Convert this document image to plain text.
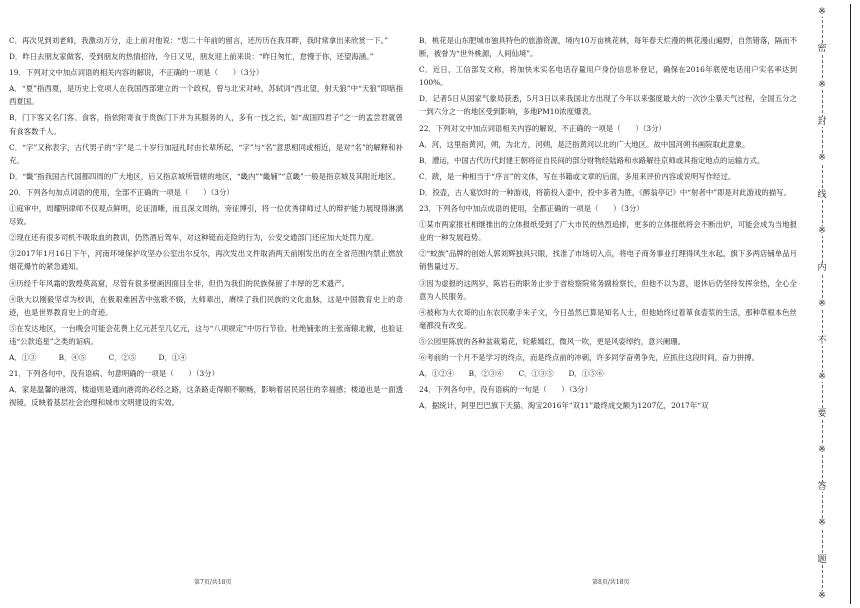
C．再次见到刘老师，我激动万分，走上前对他说：“您二十年前的留言，还历历在我耳畔，我时常拿出来欣赏一下。”

D．昨日去朋友家做客，受到朋友的热情招待，今日又见，朋友迎上前来说：“昨日匆忙，怠慢于你，还望海涵。”

19．下列对文中加点词语的相关内容的解说，不正确的一项是（　　）（3分）

A．“夏”指西夏，是历史上党项人在我国西部建立的一个政权，曾与北宋对峙，苏轼词“西北望，射天狼”中“天狼”即暗指西夏国。

B．门下客又名门客、食客，指依附寄食于贵族门下并为其服务的人，多有一技之长，如“战国四君子”之一的孟尝君就曾有食客数千人。

C．“字”又称表字，古代男子的“字”是二十岁行加冠礼时由长辈所起，“字”与“名”意思相同或相近，是对“名”的解释和补充。

D．“畿”指我国古代国都四周的广大地区，后又指京城所管辖的地区，“畿内”“畿辅”“京畿”一般是指京城及其附近地区。

20．下列各句加点词语的使用，全部不正确的一项是（　　）（3分）

①庭审中，周耀明律师不仅观点鲜明，论证清晰，而且深文周纳，旁征博引，将一位优秀律师过人的辩护能力展现得淋漓尽致。

②现在还有很多司机不吸取血的教训，仍然酒后驾车，对这种铤而走险的行为，公安交通部门还应加大处罚力度。

③2017年1月16日下午，河南环境保护攻坚办公室出尔反尔，再次发出文件取消两天前刚发出的在全省范围内禁止燃放烟花爆竹的紧急通知。

④历经千年风霜的敦煌莫高窟，尽管有很多壁画因面目全非，但仍为我们的民族保留了丰厚的艺术遗产。

④耿大以刚毅坚卓为校训，在极艰难困苦中弦歌不辍，大师辈出，赓续了我们民族的文化血脉，这是中国教育史上的奇迹，也是世界教育史上的奇迹。

⑤在发达地区，一台晚会可能会花费上亿元甚至几亿元，这与“八项规定”中厉行节俭、杜绝铺张的主张南辕北辙，也验证违“公款追星”之类的诟病。

A．①③　　　B．④⑤　　　C．②⑤　　　D．①④

21．下列各句中，没有语病、句意明确的一项是（　　）（3分）

A．家是温馨的港湾，楼道则是通向港湾的必经之路，这条路走得顺不顺畅，影响着居民居住的幸福感；楼道也是一面透视镜，反映着基层社会治理和城市文明建设的实效。

B．桃花是山东肥城市独具特色的旅游资源，境内10万亩桃花林，每年春天烂漫的桃花漫山遍野，自然错落，隔而不断，被誉为“世外桃源，人间仙境”。

C．近日，工信部发文称，将加快未实名电话存量用户身份信息补登记，确保在2016年底使电话用户实名率达到100%。

D．记者5日从国家气象局获悉，5月3日以来我国北方出现了今年以来强度最大的一次沙尘暴天气过程，全国五分之一到六分之一的地区受到影响，多地PM10浓度爆表。

22．下列对文中加点词语相关内容的解说，不正确的一项是（　　）（3分）

A．河，这里指黄河，朔，为北方，河朔，是泛指黄河以北的广大地区。故中国河朔书画院取此意象。

B．漕运，中国古代历代封建王朝将征自民间的部分财物经陆路和水路解往京师或其指定地点的运输方式。

C．跋，是一种相当于“序言”的文体，写在书籍或文章的后面，多用来评价内容或说明写作经过。

D．投壶，古人宴饮时的一种游戏，将箭投入壶中，投中多者为胜，《醉翁亭记》中“射者中”即是对此游戏的描写。

23．下列各句中加点成语的使用，全都正确的一项是（　　）（3分）

①某市两家报社相继推出的立体报纸受到了广大市民的热烈追捧，更多的立体报纸将会不断出炉，可能会成为当地报业的一种发展趋势。

②“蛟族”品牌的创始人郭刘辉独具只眼，找准了市场切入点，将电子商务事业打理得风生水起，旗下多两店铺单品月销售量过万。

③因为虚报的这两岁，陈岩石的职务止步于省检察院常务副检察长，但他不以为意，退休后仍坚持发挥余热，全心全意为人民服务。

④被称为大衣哥的山东农民歌手朱子文，今日虽然已算是知名人士，但他始终过着箪食壶浆的生活，那种草根本色丝毫都没有改变。

⑤公园里陈放的各种盆栽菊花，姹紫嫣红，微风一吹，更是风姿绰约，意兴阑珊。

⑥考前的一个月不是学习的终点，而是终点前的冲刺，许多同学奋勇争先，应抓住这段时间，奋力拼搏。

A．①②④　　B．②③⑥　　C．①③⑤　　D．①⑤⑥

24．下列各句中，没有语病的一句是（　　）（3分）

A．据统计，阿里巴巴旗下天猫、淘宝2016年“双11”最终成交额为1207亿，2017年“双

第7页/共18页	第8页/共18页
※
密
※
封
※
线
※
内
※
不
※
要
※
答
※
题
※
